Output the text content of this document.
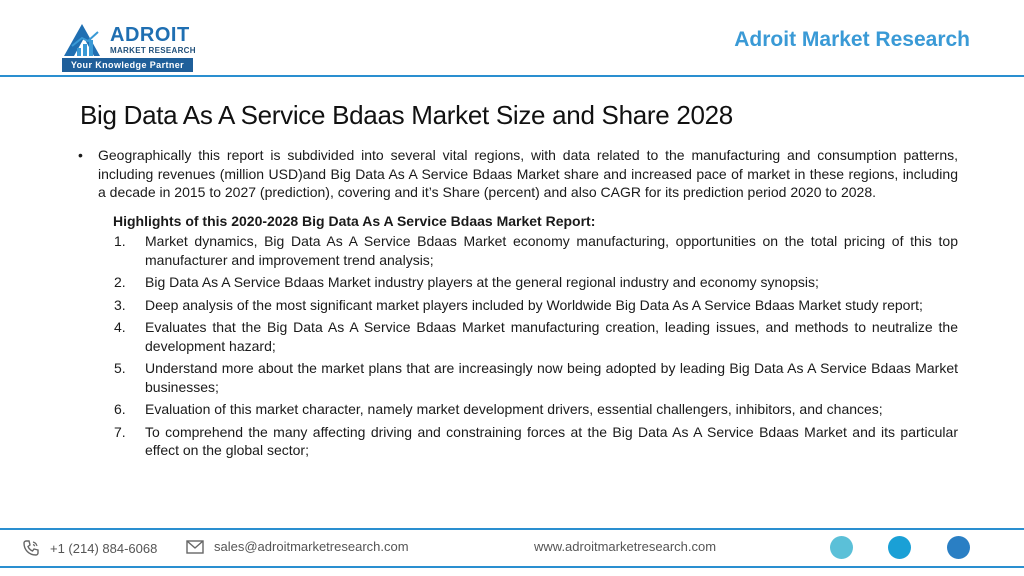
ADROIT
MARKET RESEARCH
Your Knowledge Partner
Adroit Market Research
Big Data As A Service Bdaas Market Size and Share 2028
• Geographically this report is subdivided into several vital regions, with data related to the manufacturing and consumption patterns, including revenues (million USD)and Big Data As A Service Bdaas Market share and increased pace of market in these regions, including a decade in 2015 to 2027 (prediction), covering and it’s Share (percent) and also CAGR for its prediction period 2020 to 2028.
Highlights of this 2020-2028 Big Data As A Service Bdaas Market Report:
1. Market dynamics, Big Data As A Service Bdaas Market economy manufacturing, opportunities on the total pricing of this top manufacturer and improvement trend analysis;
2. Big Data As A Service Bdaas Market industry players at the general regional industry and economy synopsis;
3. Deep analysis of the most significant market players included by Worldwide Big Data As A Service Bdaas Market study report;
4. Evaluates that the Big Data As A Service Bdaas Market manufacturing creation, leading issues, and methods to neutralize the development hazard;
5. Understand more about the market plans that are increasingly now being adopted by leading Big Data As A Service Bdaas Market businesses;
6. Evaluation of this market character, namely market development drivers, essential challengers, inhibitors, and chances;
7. To comprehend the many affecting driving and constraining forces at the Big Data As A Service Bdaas Market and its particular effect on the global sector;
+1 (214) 884-6068	sales@adroitmarketresearch.com	www.adroitmarketresearch.com
